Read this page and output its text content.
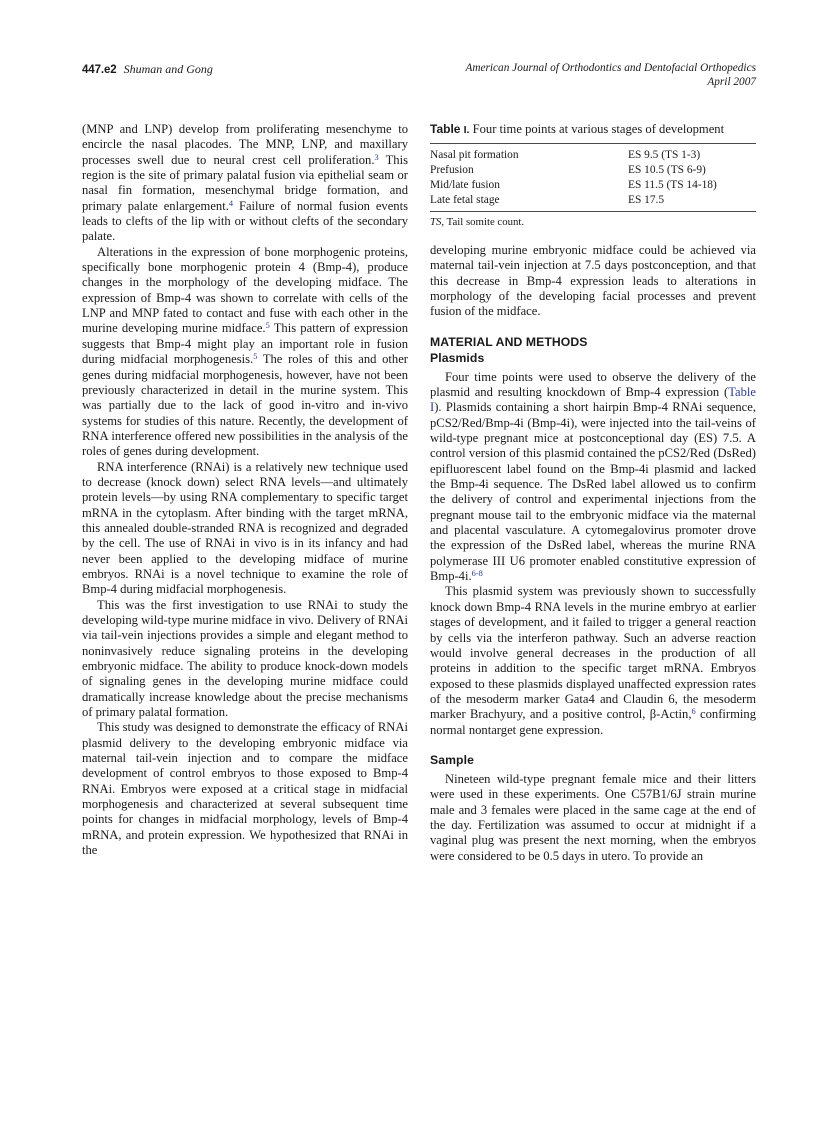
447.e2 Shuman and Gong	American Journal of Orthodontics and Dentofacial Orthopedics
April 2007

(MNP and LNP) develop from proliferating mesenchyme to encircle the nasal placodes. The MNP, LNP, and maxillary processes swell due to neural crest cell proliferation.$^3$ This region is the site of primary palatal fusion via epithelial seam or nasal fin formation, mesenchymal bridge formation, and primary palate enlargement.$^4$ Failure of normal fusion events leads to clefts of the lip with or without clefts of the secondary palate.

Alterations in the expression of bone morphogenic proteins, specifically bone morphogenic protein 4 (Bmp-4), produce changes in the morphology of the developing midface. The expression of Bmp-4 was shown to correlate with cells of the LNP and MNP fated to contact and fuse with each other in the murine developing murine midface.$^5$ This pattern of expression suggests that Bmp-4 might play an important role in fusion during midfacial morphogenesis.$^5$ The roles of this and other genes during midfacial morphogenesis, however, have not been previously characterized in detail in the murine system. This was partially due to the lack of good in-vitro and in-vivo systems for studies of this nature. Recently, the development of RNA interference offered new possibilities in the analysis of the roles of genes during development.

RNA interference (RNAi) is a relatively new technique used to decrease (knock down) select RNA levels—and ultimately protein levels—by using RNA complementary to specific target mRNA in the cytoplasm. After binding with the target mRNA, this annealed double-stranded RNA is recognized and degraded by the cell. The use of RNAi in vivo is in its infancy and had never been applied to the developing midface of murine embryos. RNAi is a novel technique to examine the role of Bmp-4 during midfacial morphogenesis.

This was the first investigation to use RNAi to study the developing wild-type murine midface in vivo. Delivery of RNAi via tail-vein injections provides a simple and elegant method to noninvasively reduce signaling proteins in the developing embryonic midface. The ability to produce knock-down models of signaling genes in the developing murine midface could dramatically increase knowledge about the precise mechanisms of primary palatal formation.

This study was designed to demonstrate the efficacy of RNAi plasmid delivery to the developing embryonic midface via maternal tail-vein injection and to compare the midface development of control embryos to those exposed to Bmp-4 RNAi. Embryos were exposed at a critical stage in midfacial morphogenesis and characterized at several subsequent time points for changes in midfacial morphology, levels of Bmp-4 mRNA, and protein expression. We hypothesized that RNAi in the

Table I. Four time points at various stages of development

Nasal pit formation	ES 9.5 (TS 1-3)
Prefusion	ES 10.5 (TS 6-9)
Mid/late fusion	ES 11.5 (TS 14-18)
Late fetal stage	ES 17.5

TS, Tail somite count.

developing murine embryonic midface could be achieved via maternal tail-vein injection at 7.5 days postconception, and that this decrease in Bmp-4 expression leads to alterations in morphology of the developing facial processes and prevent fusion of the midface.

MATERIAL AND METHODS
Plasmids

Four time points were used to observe the delivery of the plasmid and resulting knockdown of Bmp-4 expression (Table I). Plasmids containing a short hairpin Bmp-4 RNAi sequence, pCS2/Red/Bmp-4i (Bmp-4i), were injected into the tail-veins of wild-type pregnant mice at postconceptional day (ES) 7.5. A control version of this plasmid contained the pCS2/Red (DsRed) epifluorescent label found on the Bmp-4i plasmid and lacked the Bmp-4i sequence. The DsRed label allowed us to confirm the delivery of control and experimental injections from the pregnant mouse tail to the embryonic midface via the maternal and placental vasculature. A cytomegalovirus promoter drove the expression of the DsRed label, whereas the murine RNA polymerase III U6 promoter enabled constitutive expression of Bmp-4i.$^{6-8}$

This plasmid system was previously shown to successfully knock down Bmp-4 RNA levels in the murine embryo at earlier stages of development, and it failed to trigger a general reaction by cells via the interferon pathway. Such an adverse reaction would involve general decreases in the production of all proteins in addition to the specific target mRNA. Embryos exposed to these plasmids displayed unaffected expression rates of the mesoderm marker Gata4 and Claudin 6, the mesoderm marker Brachyury, and a positive control, β-Actin,$^6$ confirming normal nontarget gene expression.

Sample

Nineteen wild-type pregnant female mice and their litters were used in these experiments. One C57B1/6J strain murine male and 3 females were placed in the same cage at the end of the day. Fertilization was assumed to occur at midnight if a vaginal plug was present the next morning, when the embryos were considered to be 0.5 days in utero. To provide an
